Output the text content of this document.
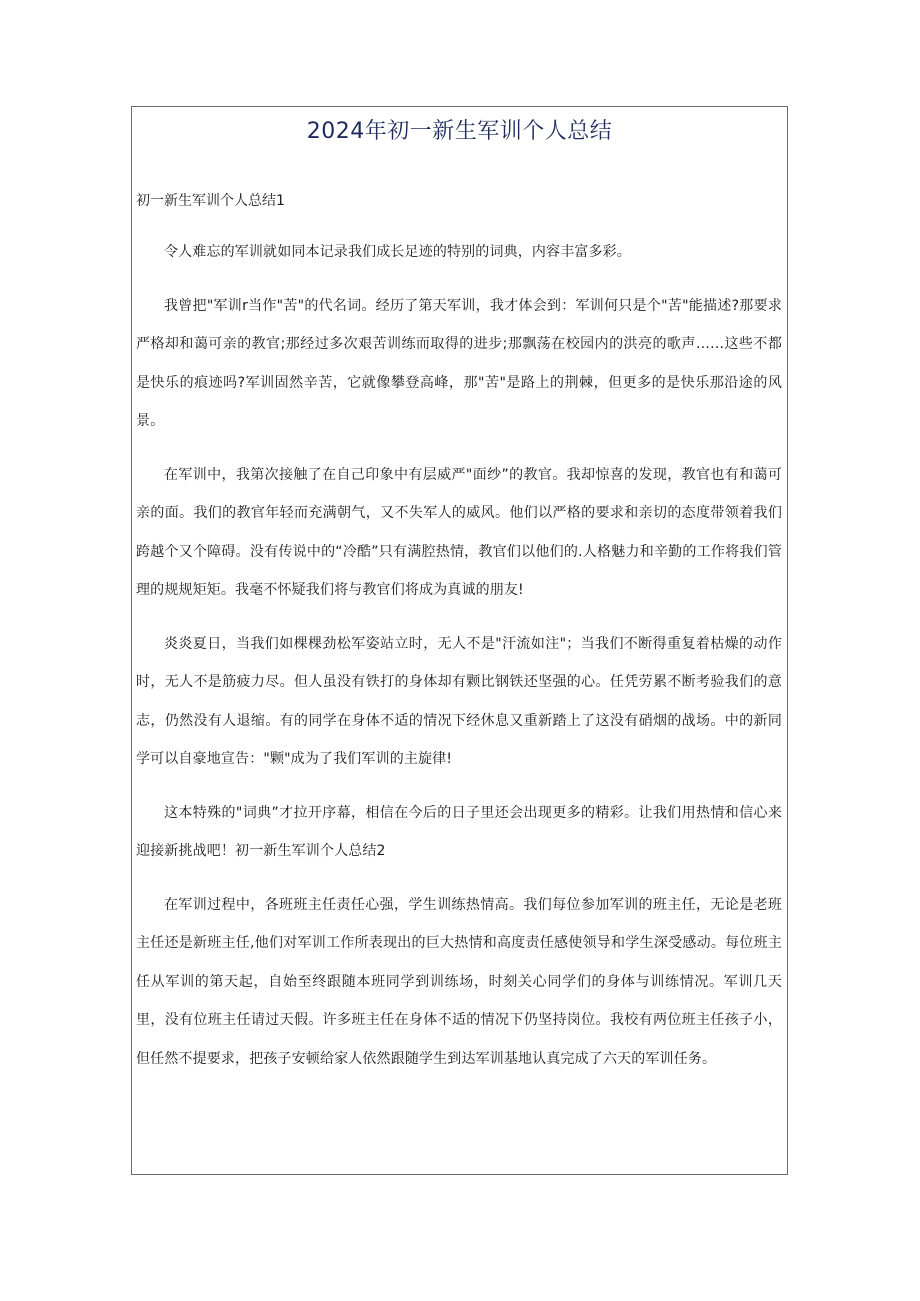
2024年初一新生军训个人总结

初一新生军训个人总结1

令人难忘的军训就如同本记录我们成长足迹的特别的词典，内容丰富多彩。

我曾把"军训r当作"苦"的代名词。经历了第天军训，我才体会到：军训何只是个"苦"能描述?那要求严格却和蔼可亲的教官;那经过多次艰苦训练而取得的进步;那飘荡在校园内的洪亮的歌声……这些不都是快乐的痕迹吗?军训固然辛苦，它就像攀登高峰，那"苦"是路上的荆棘，但更多的是快乐那沿途的风景。

在军训中，我第次接触了在自己印象中有层威严"面纱”的教官。我却惊喜的发现，教官也有和蔼可亲的面。我们的教官年轻而充满朝气，又不失军人的威风。他们以严格的要求和亲切的态度带领着我们跨越个又个障碍。没有传说中的“冷酷”只有满腔热情，教官们以他们的.人格魅力和辛勤的工作将我们管理的规规矩矩。我毫不怀疑我们将与教官们将成为真诚的朋友!

炎炎夏日，当我们如棵棵劲松军姿站立时，无人不是"汗流如注"；当我们不断得重复着枯燥的动作时，无人不是筋疲力尽。但人虽没有铁打的身体却有颗比钢铁还坚强的心。任凭劳累不断考验我们的意志，仍然没有人退缩。有的同学在身体不适的情况下经休息又重新踏上了这没有硝烟的战场。中的新同学可以自豪地宣告："颗"成为了我们军训的主旋律!

这本特殊的"词典”才拉开序幕，相信在今后的日子里还会出现更多的精彩。让我们用热情和信心来迎接新挑战吧！初一新生军训个人总结2

在军训过程中，各班班主任责任心强，学生训练热情高。我们每位参加军训的班主任，无论是老班主任还是新班主任,他们对军训工作所表现出的巨大热情和高度责任感使领导和学生深受感动。每位班主任从军训的第天起，自始至终跟随本班同学到训练场，时刻关心同学们的身体与训练情况。军训几天里，没有位班主任请过天假。许多班主任在身体不适的情况下仍坚持岗位。我校有两位班主任孩子小，但任然不提要求，把孩子安顿给家人依然跟随学生到达军训基地认真完成了六天的军训任务。
